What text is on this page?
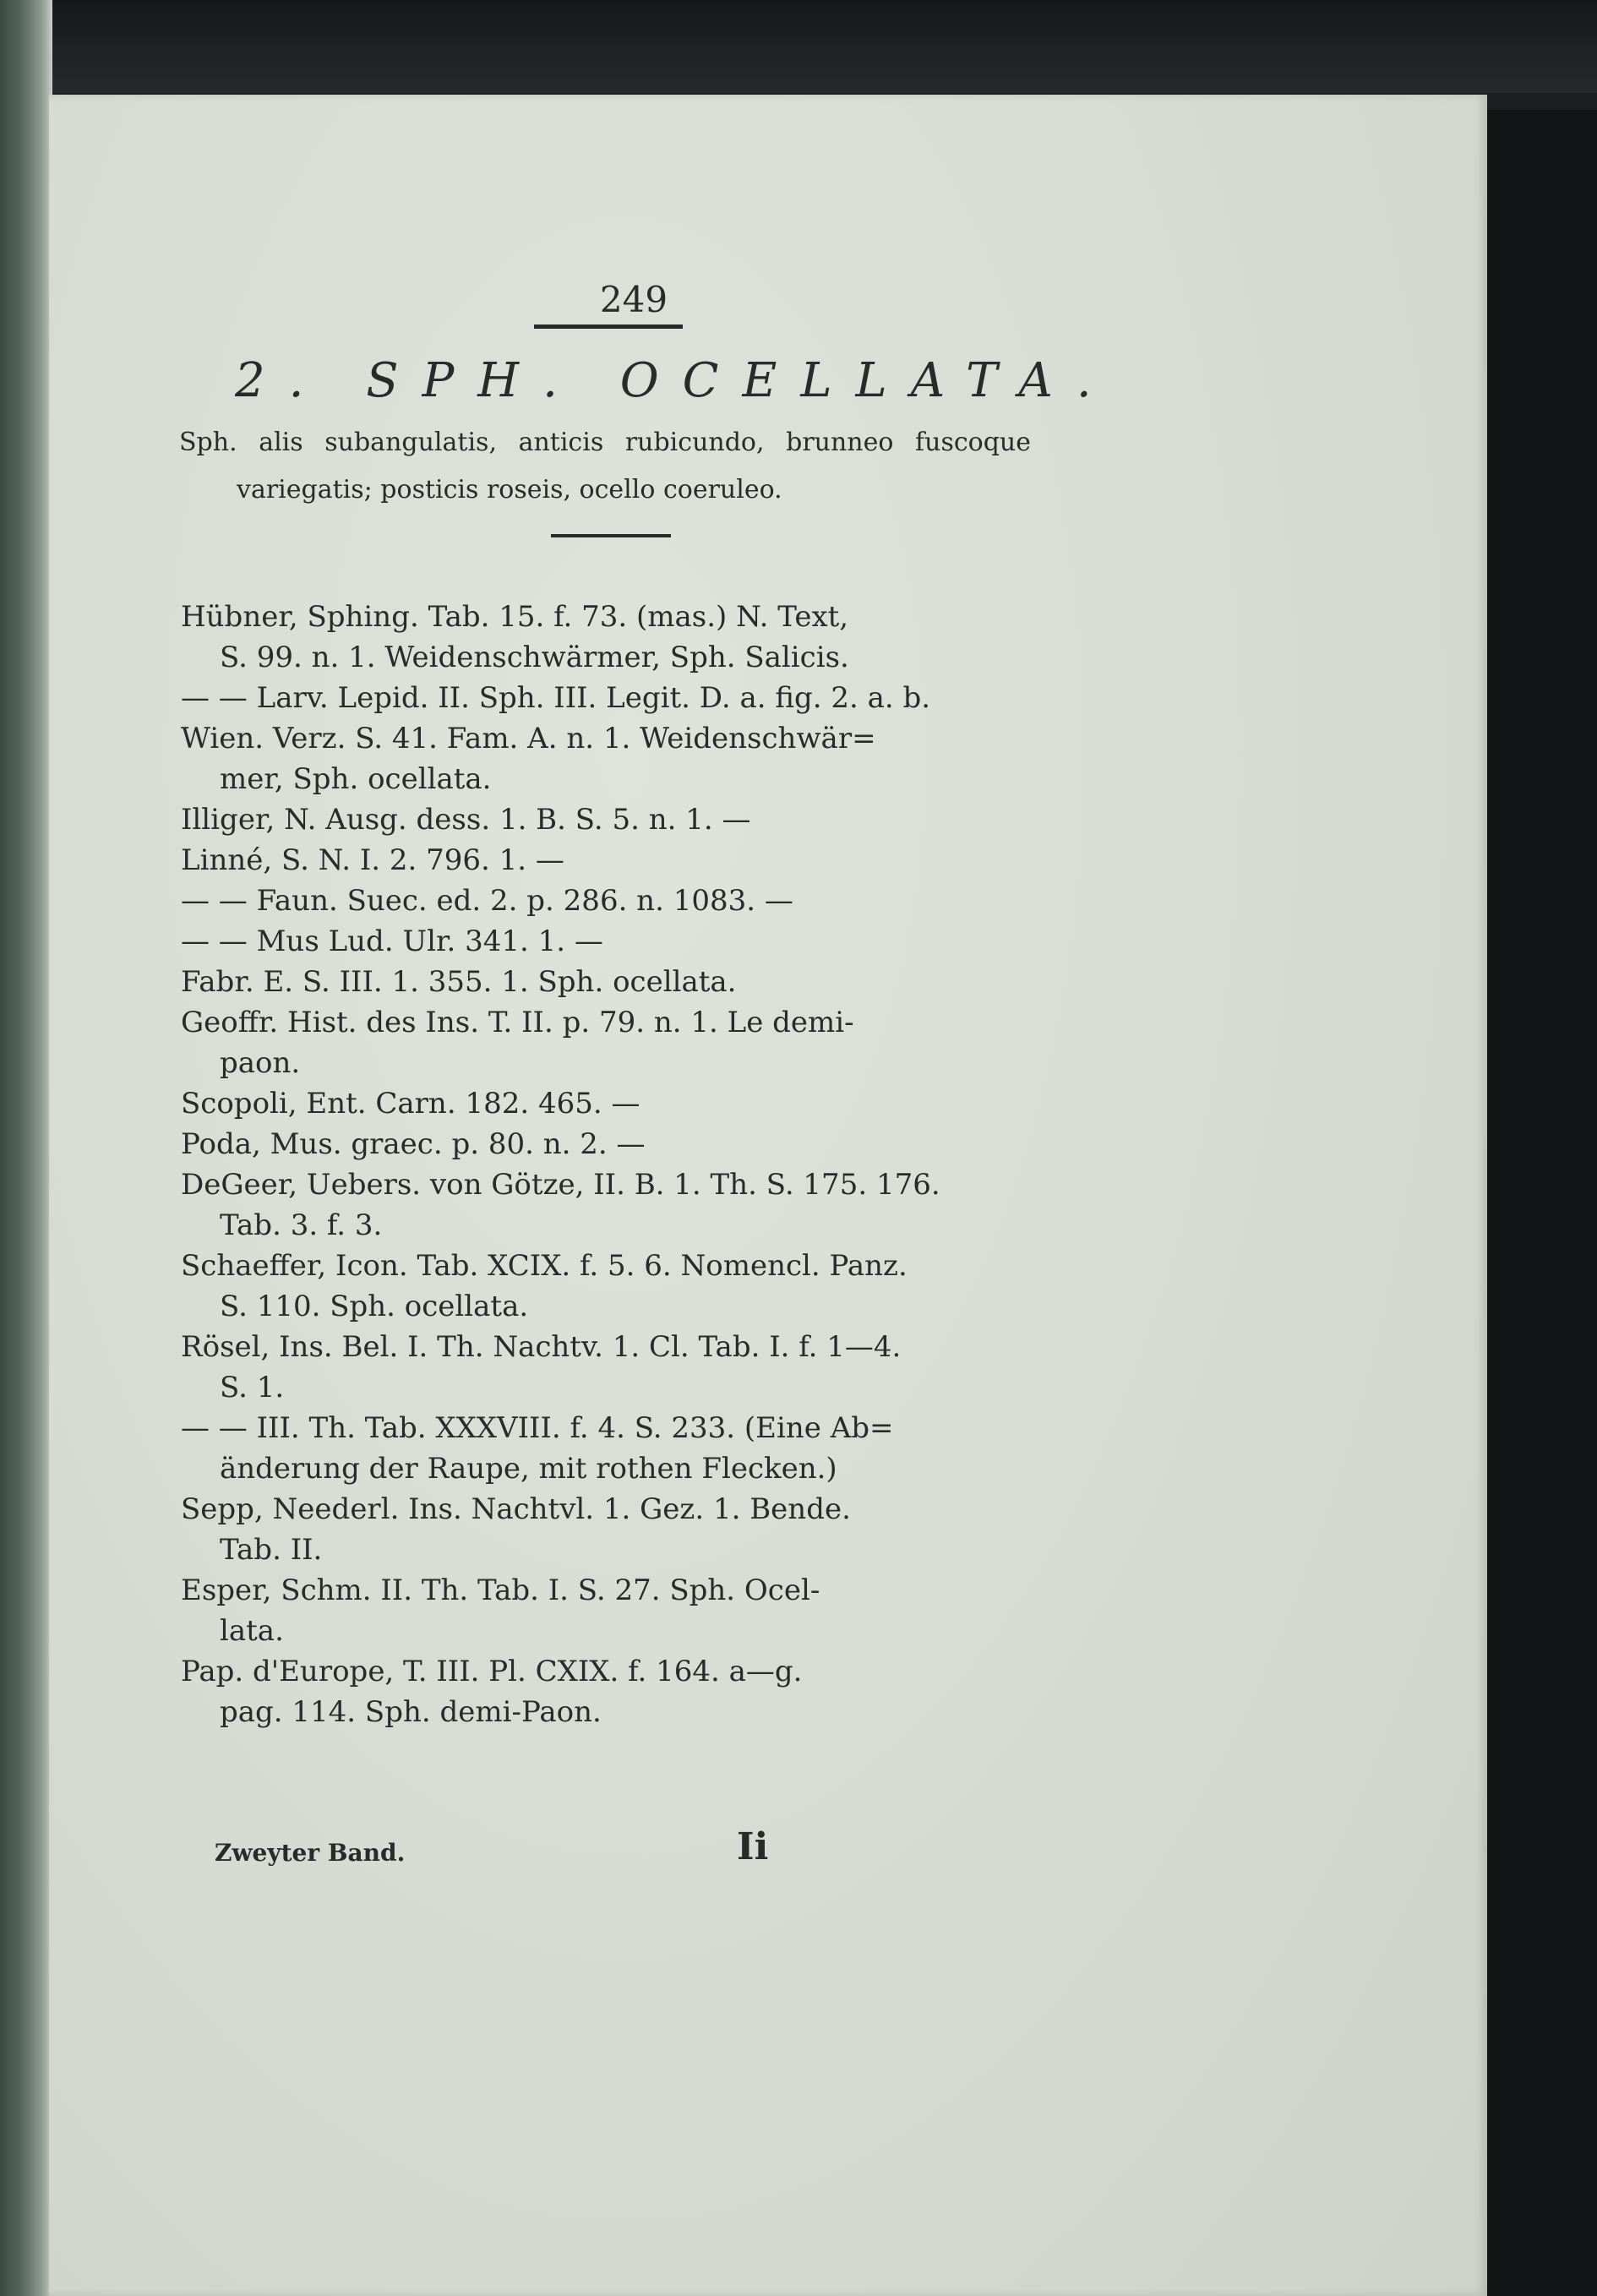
249
2. SPH. OCELLATA.
Sph. alis subangulatis, anticis rubicundo, brunneo fuscoque
variegatis; posticis roseis, ocello coeruleo.
Hübner, Sphing. Tab. 15. f. 73. (mas.) N. Text,
S. 99. n. 1. Weidenschwärmer, Sph. Salicis.
— — Larv. Lepid. II. Sph. III. Legit. D. a. fig. 2. a. b.
Wien. Verz. S. 41. Fam. A. n. 1. Weidenschwär=
mer, Sph. ocellata.
Illiger, N. Ausg. dess. 1. B. S. 5. n. 1. —
Linné, S. N. I. 2. 796. 1. —
— — Faun. Suec. ed. 2. p. 286. n. 1083. —
— — Mus Lud. Ulr. 341. 1. —
Fabr. E. S. III. 1. 355. 1. Sph. ocellata.
Geoffr. Hist. des Ins. T. II. p. 79. n. 1. Le demi-
paon.
Scopoli, Ent. Carn. 182. 465. —
Poda, Mus. graec. p. 80. n. 2. —
DeGeer, Uebers. von Götze, II. B. 1. Th. S. 175. 176.
Tab. 3. f. 3.
Schaeffer, Icon. Tab. XCIX. f. 5. 6. Nomencl. Panz.
S. 110. Sph. ocellata.
Rösel, Ins. Bel. I. Th. Nachtv. 1. Cl. Tab. I. f. 1—4.
S. 1.
— — III. Th. Tab. XXXVIII. f. 4. S. 233. (Eine Ab=
änderung der Raupe, mit rothen Flecken.)
Sepp, Neederl. Ins. Nachtvl. 1. Gez. 1. Bende.
Tab. II.
Esper, Schm. II. Th. Tab. I. S. 27. Sph. Ocel-
lata.
Pap. d'Europe, T. III. Pl. CXIX. f. 164. a—g.
pag. 114. Sph. demi-Paon.
Zweyter Band.	Ii
